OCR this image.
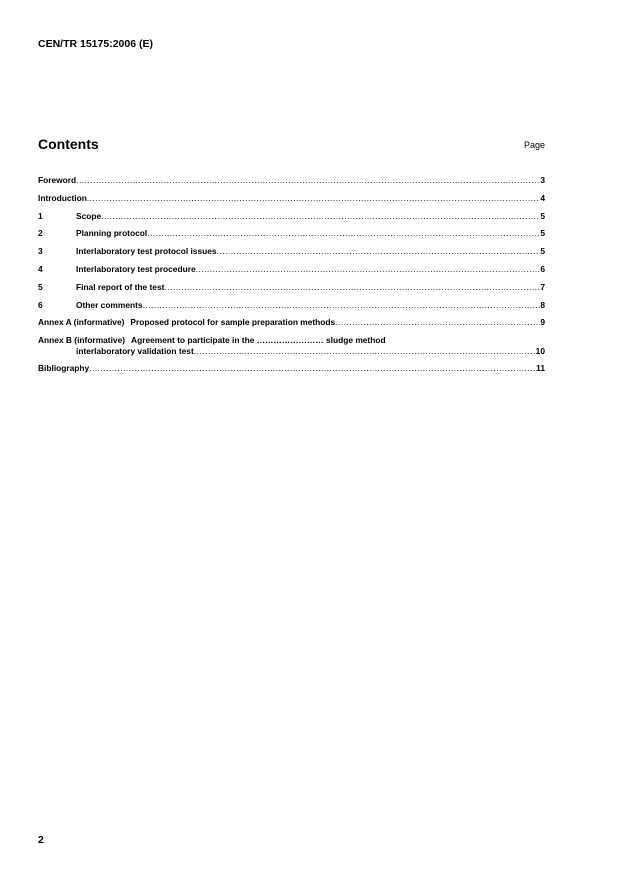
CEN/TR 15175:2006 (E)
Contents	Page
Foreword .....	3
Introduction .....	4
1	Scope .....	5
2	Planning protocol .....	5
3	Interlaboratory test protocol issues .....	5
4	Interlaboratory test procedure .....	6
5	Final report of the test .....	7
6	Other comments .....	8
Annex A (informative) Proposed protocol for sample preparation methods .....	9
Annex B (informative) Agreement to participate in the …………………… sludge method
interlaboratory validation test .....	10
Bibliography .....	11
2
